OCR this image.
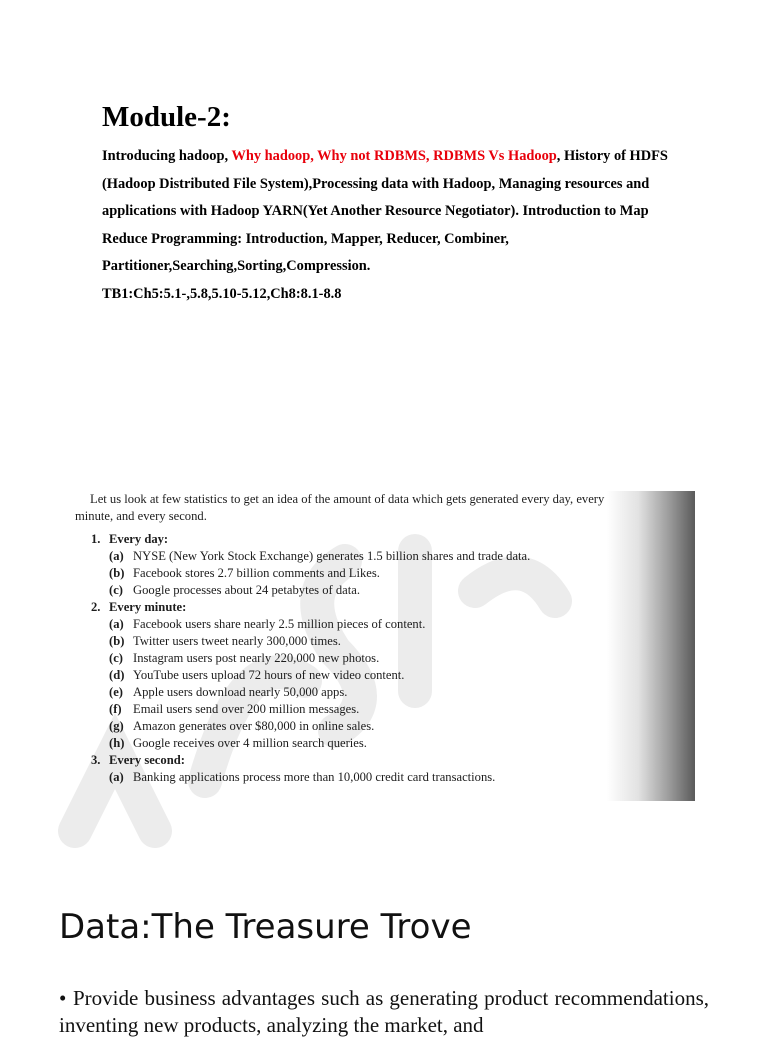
Module-2:

Introducing hadoop, Why hadoop, Why not RDBMS, RDBMS Vs Hadoop, History of HDFS (Hadoop Distributed File System),Processing data with Hadoop, Managing resources and applications with Hadoop YARN(Yet Another Resource Negotiator). Introduction to Map Reduce Programming: Introduction, Mapper, Reducer, Combiner, Partitioner,Searching,Sorting,Compression.
TB1:Ch5:5.1-,5.8,5.10-5.12,Ch8:8.1-8.8

Let us look at few statistics to get an idea of the amount of data which gets generated every day, every
minute, and every second.

1. Every day:
(a) NYSE (New York Stock Exchange) generates 1.5 billion shares and trade data.
(b) Facebook stores 2.7 billion comments and Likes.
(c) Google processes about 24 petabytes of data.
2. Every minute:
(a) Facebook users share nearly 2.5 million pieces of content.
(b) Twitter users tweet nearly 300,000 times.
(c) Instagram users post nearly 220,000 new photos.
(d) YouTube users upload 72 hours of new video content.
(e) Apple users download nearly 50,000 apps.
(f) Email users send over 200 million messages.
(g) Amazon generates over $80,000 in online sales.
(h) Google receives over 4 million search queries.
3. Every second:
(a) Banking applications process more than 10,000 credit card transactions.
Data:The Treasure Trove
• Provide business advantages such as generating product recommendations, inventing new products, analyzing the market, and
